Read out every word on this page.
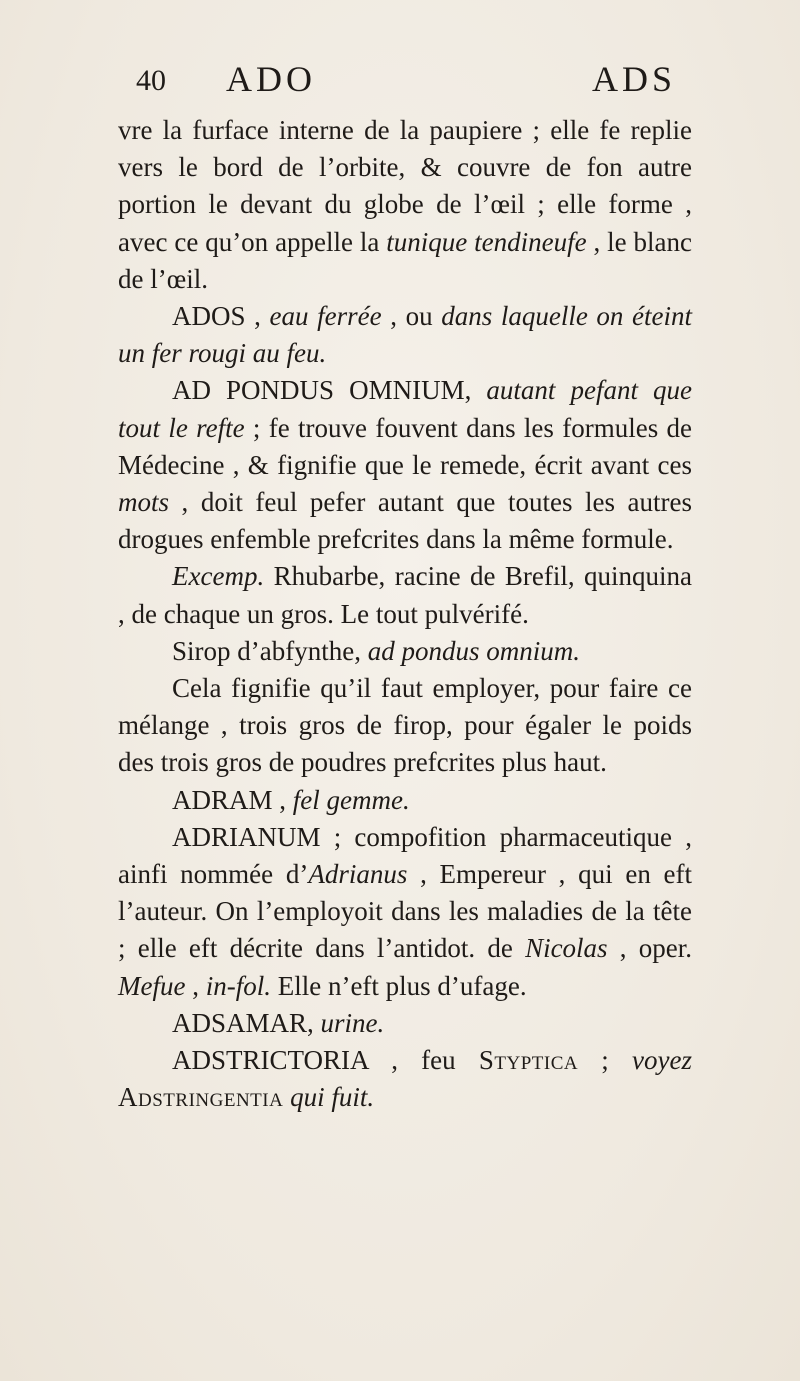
40 ADO	ADS

vre la furface interne de la paupiere ; elle fe replie vers le bord de l’orbite, & couvre de fon autre portion le devant du globe de l’œil ; elle forme , avec ce qu’on appelle la tunique tendineufe , le blanc de l’œil.

ADOS , eau ferrée , ou dans laquelle on éteint un fer rougi au feu.

AD PONDUS OMNIUM, autant pefant que tout le refte ; fe trouve fouvent dans les formules de Médecine , & fignifie que le remede, écrit avant ces mots , doit feul pefer autant que toutes les autres drogues enfemble prefcrites dans la même formule.

Excemp. Rhubarbe, racine de Brefil, quinquina , de chaque un gros. Le tout pulvérifé.

Sirop d’abfynthe, ad pondus omnium.

Cela fignifie qu’il faut employer, pour faire ce mélange , trois gros de firop, pour égaler le poids des trois gros de poudres prefcrites plus haut.

ADRAM , fel gemme.

ADRIANUM ; compofition pharmaceutique , ainfi nommée d’Adrianus , Empereur , qui en eft l’auteur. On l’employoit dans les maladies de la tête ; elle eft décrite dans l’antidot. de Nicolas , oper. Mefue , in-fol. Elle n’eft plus d’ufage.

ADSAMAR, urine.

ADSTRICTORIA , feu Styptica ; voyez Adstringentia qui fuit.
